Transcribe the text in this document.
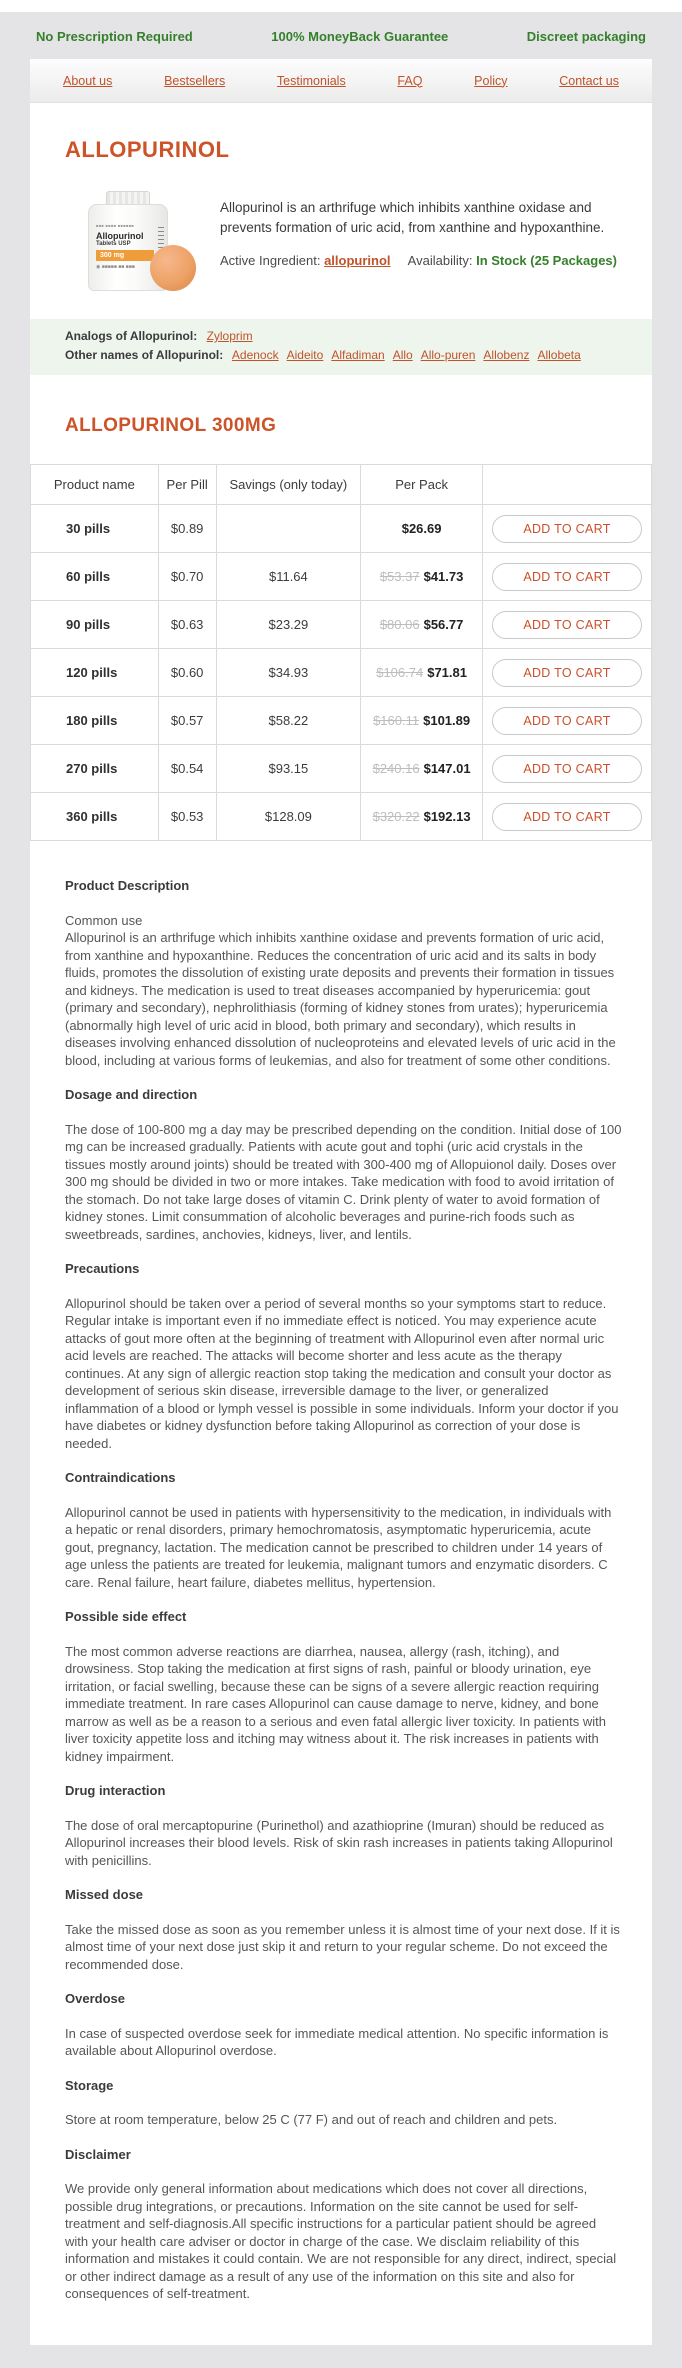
No Prescription Required	100% MoneyBack Guarantee	Discreet packaging
About us	Bestsellers	Testimonials	FAQ	Policy	Contact us
ALLOPURINOL
■■■ ■■■■ ■■■■■■
Allopurinol
Tablets USP
300 mg
◉ ■■■■■ ■■ ■■■
Allopurinol is an arthrifuge which inhibits xanthine oxidase and prevents formation of uric acid, from xanthine and hypoxanthine.
Active Ingredient: allopurinol Availability: In Stock (25 Packages)
Analogs of Allopurinol: Zyloprim
Other names of Allopurinol: Adenock Aideito Alfadiman Allo Allo-puren Allobenz Allobeta
ALLOPURINOL 300MG
Product name	Per Pill	Savings (only today)	Per Pack	
30 pills	$0.89		$26.69	ADD TO CART
60 pills	$0.70	$11.64	$53.37 $41.73	ADD TO CART
90 pills	$0.63	$23.29	$80.06 $56.77	ADD TO CART
120 pills	$0.60	$34.93	$106.74 $71.81	ADD TO CART
180 pills	$0.57	$58.22	$160.11 $101.89	ADD TO CART
270 pills	$0.54	$93.15	$240.16 $147.01	ADD TO CART
360 pills	$0.53	$128.09	$320.22 $192.13	ADD TO CART
Product Description
Common use

Allopurinol is an arthrifuge which inhibits xanthine oxidase and prevents formation of uric acid, from xanthine and hypoxanthine. Reduces the concentration of uric acid and its salts in body fluids, promotes the dissolution of existing urate deposits and prevents their formation in tissues and kidneys. The medication is used to treat diseases accompanied by hyperuricemia: gout (primary and secondary), nephrolithiasis (forming of kidney stones from urates); hyperuricemia (abnormally high level of uric acid in blood, both primary and secondary), which results in diseases involving enhanced dissolution of nucleoproteins and elevated levels of uric acid in the blood, including at various forms of leukemias, and also for treatment of some other conditions.

Dosage and direction

The dose of 100-800 mg a day may be prescribed depending on the condition. Initial dose of 100 mg can be increased gradually. Patients with acute gout and tophi (uric acid crystals in the tissues mostly around joints) should be treated with 300-400 mg of Allopuionol daily. Doses over 300 mg should be divided in two or more intakes. Take medication with food to avoid irritation of the stomach. Do not take large doses of vitamin C. Drink plenty of water to avoid formation of kidney stones. Limit consummation of alcoholic beverages and purine-rich foods such as sweetbreads, sardines, anchovies, kidneys, liver, and lentils.

Precautions

Allopurinol should be taken over a period of several months so your symptoms start to reduce. Regular intake is important even if no immediate effect is noticed. You may experience acute attacks of gout more often at the beginning of treatment with Allopurinol even after normal uric acid levels are reached. The attacks will become shorter and less acute as the therapy continues. At any sign of allergic reaction stop taking the medication and consult your doctor as development of serious skin disease, irreversible damage to the liver, or generalized inflammation of a blood or lymph vessel is possible in some individuals. Inform your doctor if you have diabetes or kidney dysfunction before taking Allopurinol as correction of your dose is needed.

Contraindications

Allopurinol cannot be used in patients with hypersensitivity to the medication, in individuals with a hepatic or renal disorders, primary hemochromatosis, asymptomatic hyperuricemia, acute gout, pregnancy, lactation. The medication cannot be prescribed to children under 14 years of age unless the patients are treated for leukemia, malignant tumors and enzymatic disorders. C care. Renal failure, heart failure, diabetes mellitus, hypertension.

Possible side effect

The most common adverse reactions are diarrhea, nausea, allergy (rash, itching), and drowsiness. Stop taking the medication at first signs of rash, painful or bloody urination, eye irritation, or facial swelling, because these can be signs of a severe allergic reaction requiring immediate treatment. In rare cases Allopurinol can cause damage to nerve, kidney, and bone marrow as well as be a reason to a serious and even fatal allergic liver toxicity. In patients with liver toxicity appetite loss and itching may witness about it. The risk increases in patients with kidney impairment.

Drug interaction

The dose of oral mercaptopurine (Purinethol) and azathioprine (Imuran) should be reduced as Allopurinol increases their blood levels. Risk of skin rash increases in patients taking Allopurinol with penicillins.

Missed dose

Take the missed dose as soon as you remember unless it is almost time of your next dose. If it is almost time of your next dose just skip it and return to your regular scheme. Do not exceed the recommended dose.

Overdose

In case of suspected overdose seek for immediate medical attention. No specific information is available about Allopurinol overdose.

Storage

Store at room temperature, below 25 C (77 F) and out of reach and children and pets.

Disclaimer

We provide only general information about medications which does not cover all directions, possible drug integrations, or precautions. Information on the site cannot be used for self-treatment and self-diagnosis.All specific instructions for a particular patient should be agreed with your health care adviser or doctor in charge of the case. We disclaim reliability of this information and mistakes it could contain. We are not responsible for any direct, indirect, special or other indirect damage as a result of any use of the information on this site and also for consequences of self-treatment.
